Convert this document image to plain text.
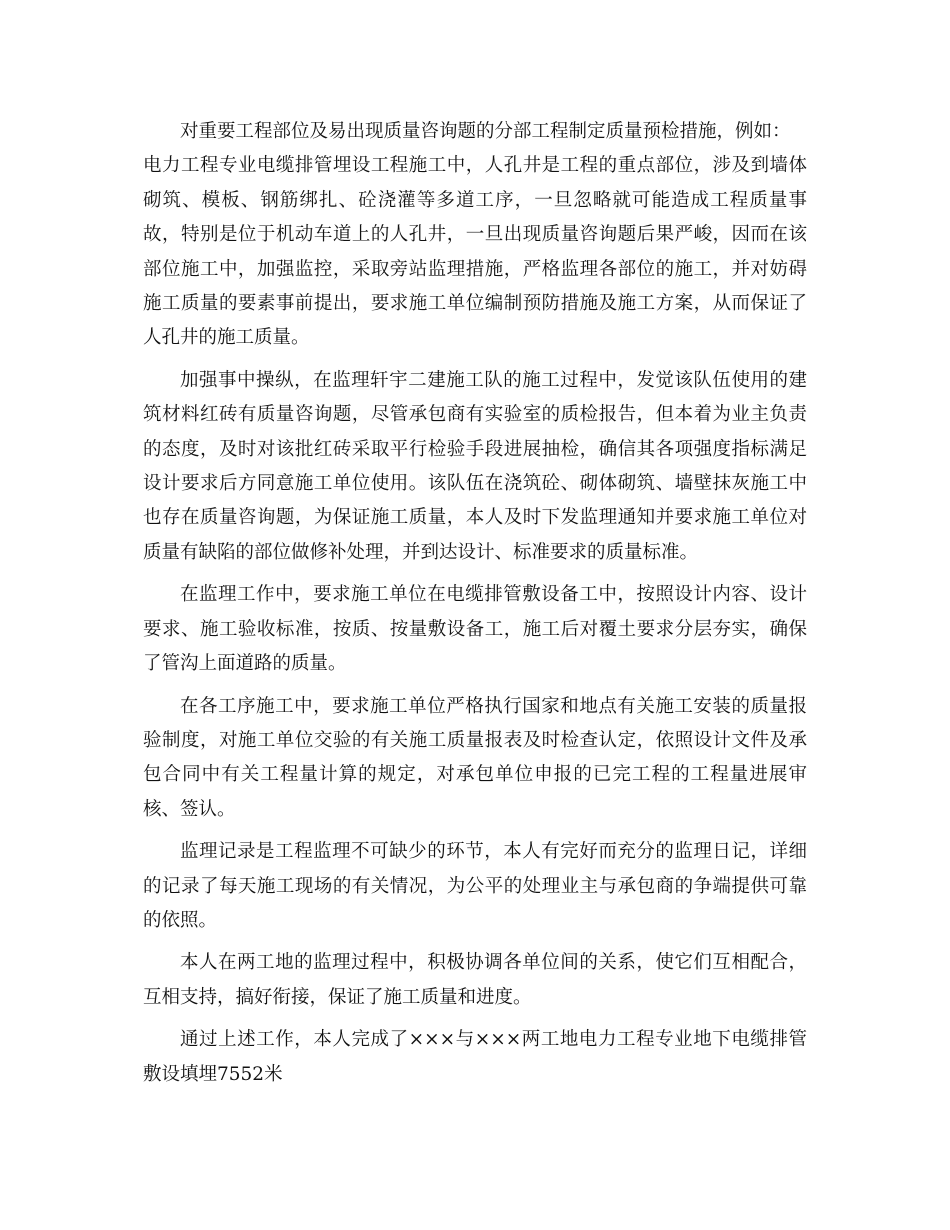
对重要工程部位及易出现质量咨询题的分部工程制定质量预检措施，例如：

电力工程专业电缆排管埋设工程施工中，人孔井是工程的重点部位，涉及到墙体砌筑、模板、钢筋绑扎、砼浇灌等多道工序，一旦忽略就可能造成工程质量事故，特别是位于机动车道上的人孔井，一旦出现质量咨询题后果严峻，因而在该部位施工中，加强监控，采取旁站监理措施，严格监理各部位的施工，并对妨碍施工质量的要素事前提出，要求施工单位编制预防措施及施工方案，从而保证了人孔井的施工质量。

加强事中操纵，在监理轩宇二建施工队的施工过程中，发觉该队伍使用的建筑材料红砖有质量咨询题，尽管承包商有实验室的质检报告，但本着为业主负责的态度，及时对该批红砖采取平行检验手段进展抽检，确信其各项强度指标满足设计要求后方同意施工单位使用。该队伍在浇筑砼、砌体砌筑、墙壁抹灰施工中也存在质量咨询题，为保证施工质量，本人及时下发监理通知并要求施工单位对质量有缺陷的部位做修补处理，并到达设计、标准要求的质量标准。

在监理工作中，要求施工单位在电缆排管敷设备工中，按照设计内容、设计要求、施工验收标准，按质、按量敷设备工，施工后对覆土要求分层夯实，确保了管沟上面道路的质量。

在各工序施工中，要求施工单位严格执行国家和地点有关施工安装的质量报验制度，对施工单位交验的有关施工质量报表及时检查认定，依照设计文件及承包合同中有关工程量计算的规定，对承包单位申报的已完工程的工程量进展审核、签认。

监理记录是工程监理不可缺少的环节，本人有完好而充分的监理日记，详细的记录了每天施工现场的有关情况，为公平的处理业主与承包商的争端提供可靠的依照。

本人在两工地的监理过程中，积极协调各单位间的关系，使它们互相配合，互相支持，搞好衔接，保证了施工质量和进度。

通过上述工作，本人完成了×××与×××两工地电力工程专业地下电缆排管敷设填埋7552米
